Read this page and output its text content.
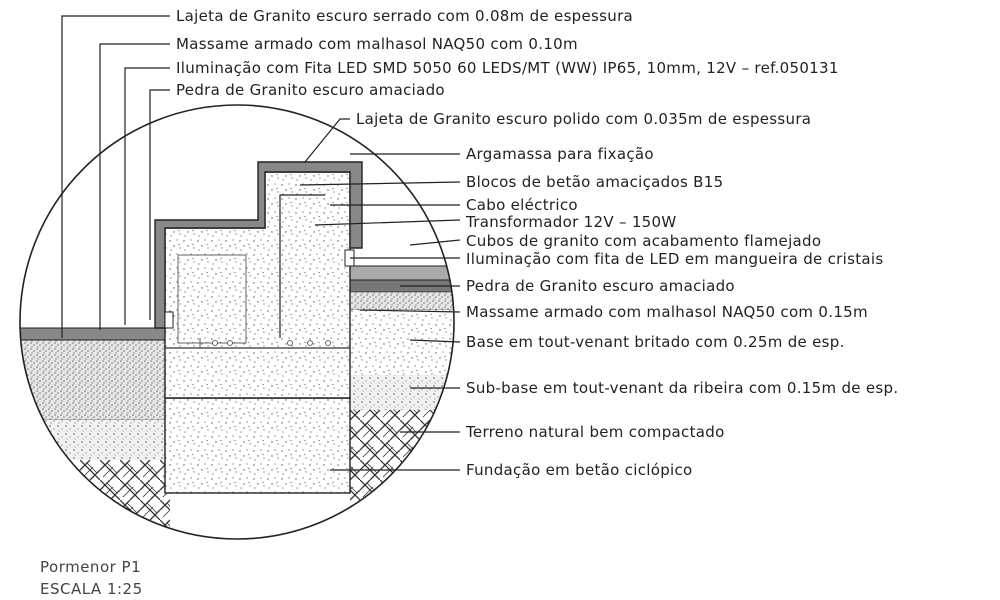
Lajeta de Granito escuro serrado com 0.08m de espessura
Massame armado com malhasol NAQ50 com 0.10m
Iluminação com Fita LED SMD 5050 60 LEDS/MT (WW) IP65, 10mm, 12V – ref.050131
Pedra de Granito escuro amaciado
Lajeta de Granito escuro polido com 0.035m de espessura
Argamassa para fixação
Blocos de betão amaciçados B15
Cabo eléctrico
Transformador 12V – 150W
Cubos de granito com acabamento flamejado
Iluminação com fita de LED em mangueira de cristais
Pedra de Granito escuro amaciado
Massame armado com malhasol NAQ50 com 0.15m
Base em tout-venant britado com 0.25m de esp.
Sub-base em tout-venant da ribeira com 0.15m de esp.
Terreno natural bem compactado
Fundação em betão ciclópico
Pormenor P1
ESCALA 1:25
